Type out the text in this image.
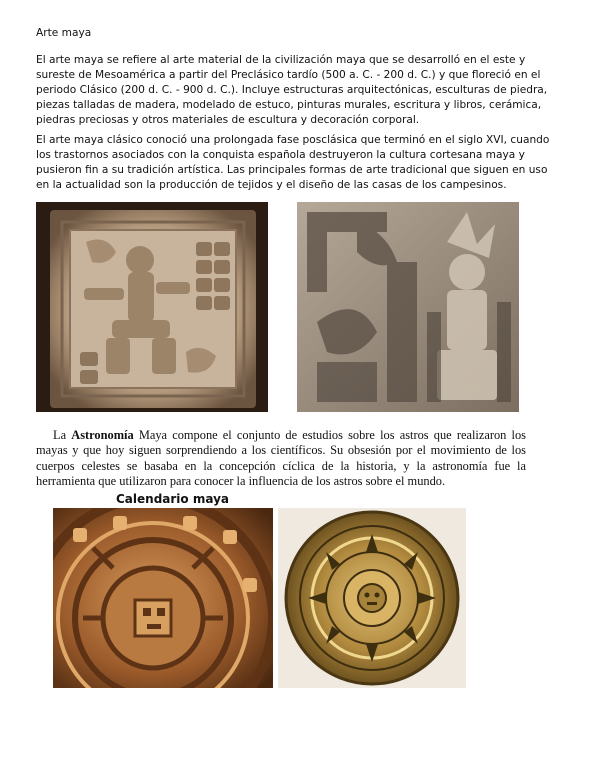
Arte maya

El arte maya se refiere al arte material de la civilización maya que se desarrolló en el este y sureste de Mesoamérica a partir del Preclásico tardío (500 a. C. - 200 d. C.) y que floreció en el periodo Clásico (200 d. C. - 900 d. C.). Incluye estructuras arquitectónicas, esculturas de piedra, piezas talladas de madera, modelado de estuco, pinturas murales, escritura y libros, cerámica, piedras preciosas y otros materiales de escultura y decoración corporal.

El arte maya clásico conoció una prolongada fase posclásica que terminó en el siglo XVI, cuando los trastornos asociados con la conquista española destruyeron la cultura cortesana maya y pusieron fin a su tradición artística. Las principales formas de arte tradicional que siguen en uso en la actualidad son la producción de tejidos y el diseño de las casas de los campesinos.

La Astronomía Maya compone el conjunto de estudios sobre los astros que realizaron los mayas y que hoy siguen sorprendiendo a los científicos. Su obsesión por el movimiento de los cuerpos celestes se basaba en la concepción cíclica de la historia, y la astronomía fue la herramienta que utilizaron para conocer la influencia de los astros sobre el mundo.
Calendario maya
